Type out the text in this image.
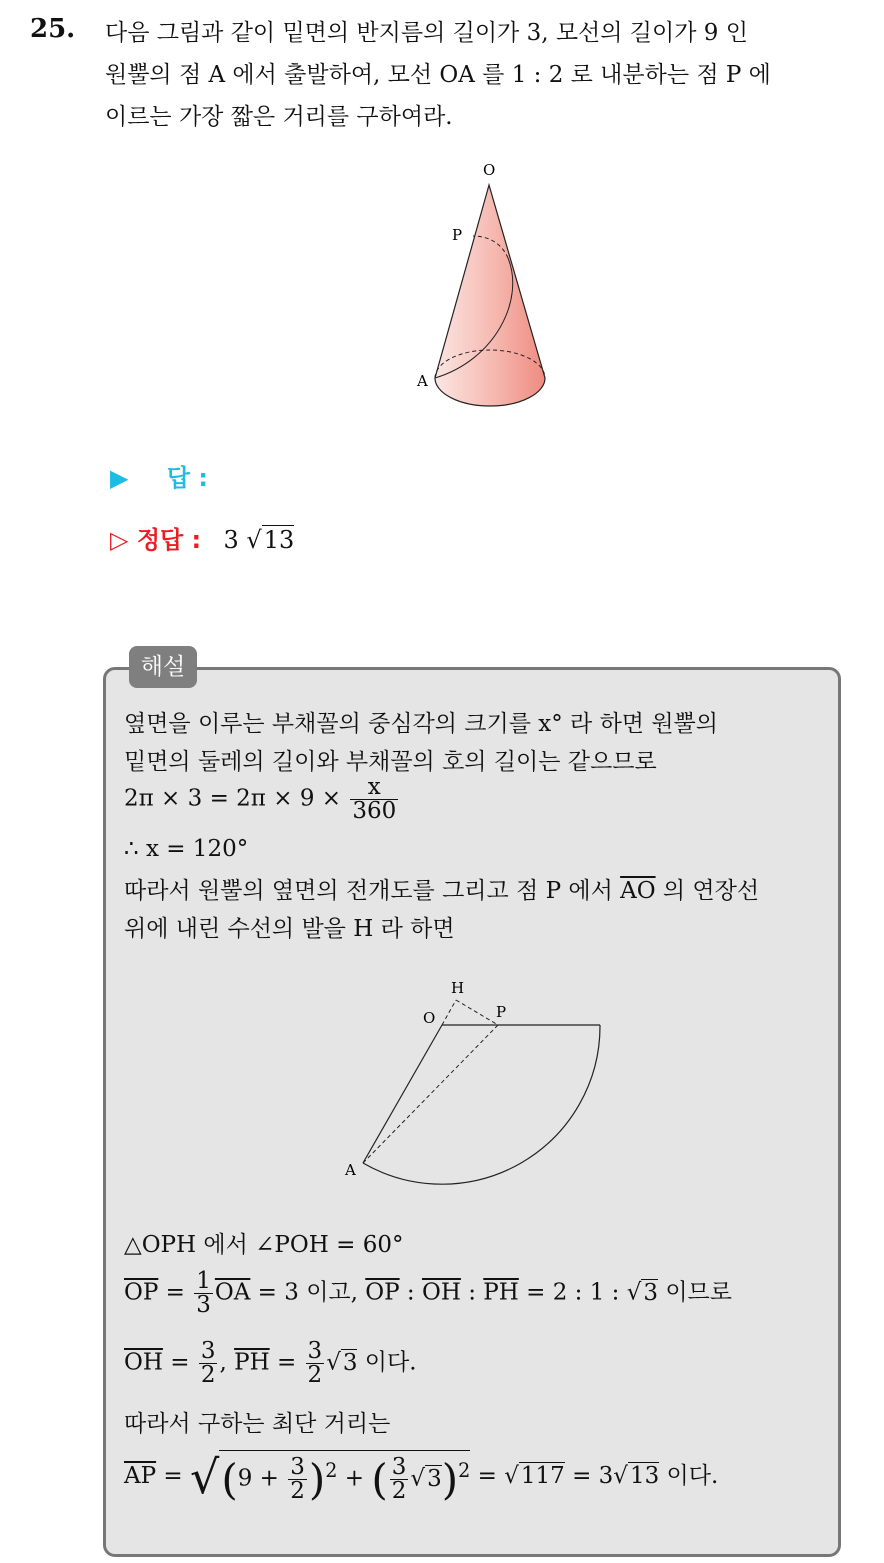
25. 다음 그림과 같이 밑면의 반지름의 길이가 3, 모선의 길이가 9 인
원뿔의 점 A 에서 출발하여, 모선 OA 를 1 : 2 로 내분하는 점 P 에
이르는 가장 짧은 거리를 구하여라.
O
P
A
▶ 답 :
▷ 정답 : 3 √13
해설
옆면을 이루는 부채꼴의 중심각의 크기를 x° 라 하면 원뿔의
밑면의 둘레의 길이와 부채꼴의 호의 길이는 같으므로
$2\pi \times 3 = 2\pi \times 9 \times \frac{x}{360}$
∴ x = 120°
따라서 원뿔의 옆면의 전개도를 그리고 점 P 에서 $\overline{AO}$ 의 연장선
위에 내린 수선의 발을 H 라 하면
H
O	P
A
△OPH 에서 ∠POH = 60°
$\overline{OP} = \frac{1}{3} \overline{OA} = 3$ 이고, $\overline{OP}$ : $\overline{OH}$ : $\overline{PH} = 2$ : 1 : √3 이므로
$\overline{OH} = \frac{3}{2}$ , $\overline{PH} = \frac{3}{2} √3$ 이다.
따라서 구하는 최단 거리는
$\overline{AP} = √(9 + \frac{3}{2} )^2$ + ( $\frac{3}{2} √3)^2 = √117 = 3√13$ 이다.
